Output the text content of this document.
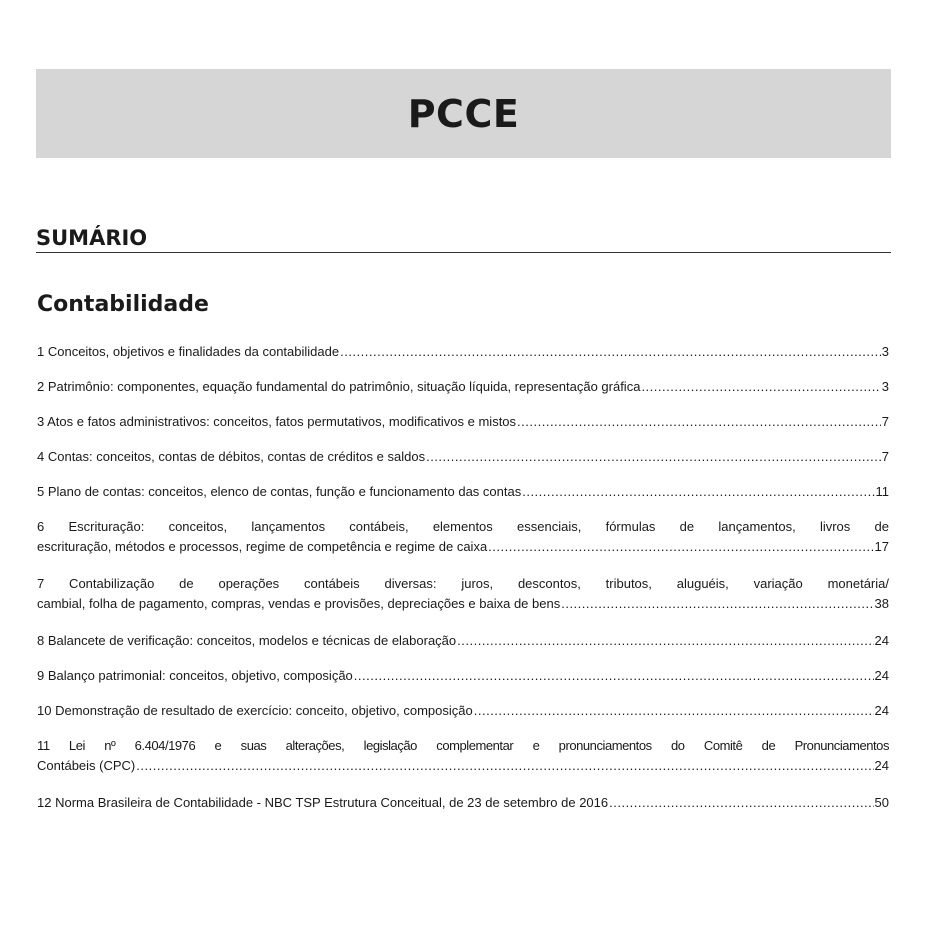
PCCE
SUMÁRIO
Contabilidade
1 Conceitos, objetivos e finalidades da contabilidade .....	3
2 Patrimônio: componentes, equação fundamental do patrimônio, situação líquida, representação gráfica .....	3
3 Atos e fatos administrativos: conceitos, fatos permutativos, modificativos e mistos .....	7
4 Contas: conceitos, contas de débitos, contas de créditos e saldos .....	7
5 Plano de contas: conceitos, elenco de contas, função e funcionamento das contas .....	11
6 Escrituração: conceitos, lançamentos contábeis, elementos essenciais, fórmulas de lançamentos, livros de
escrituração, métodos e processos, regime de competência e regime de caixa .....	17
7 Contabilização de operações contábeis diversas: juros, descontos, tributos, aluguéis, variação monetária/
cambial, folha de pagamento, compras, vendas e provisões, depreciações e baixa de bens .....	38
8 Balancete de verificação: conceitos, modelos e técnicas de elaboração .....	24
9 Balanço patrimonial: conceitos, objetivo, composição .....	24
10 Demonstração de resultado de exercício: conceito, objetivo, composição .....	24
11 Lei nº 6.404/1976 e suas alterações, legislação complementar e pronunciamentos do Comitê de Pronunciamentos
Contábeis (CPC) .....	24
12 Norma Brasileira de Contabilidade - NBC TSP Estrutura Conceitual, de 23 de setembro de 2016 .....	50
